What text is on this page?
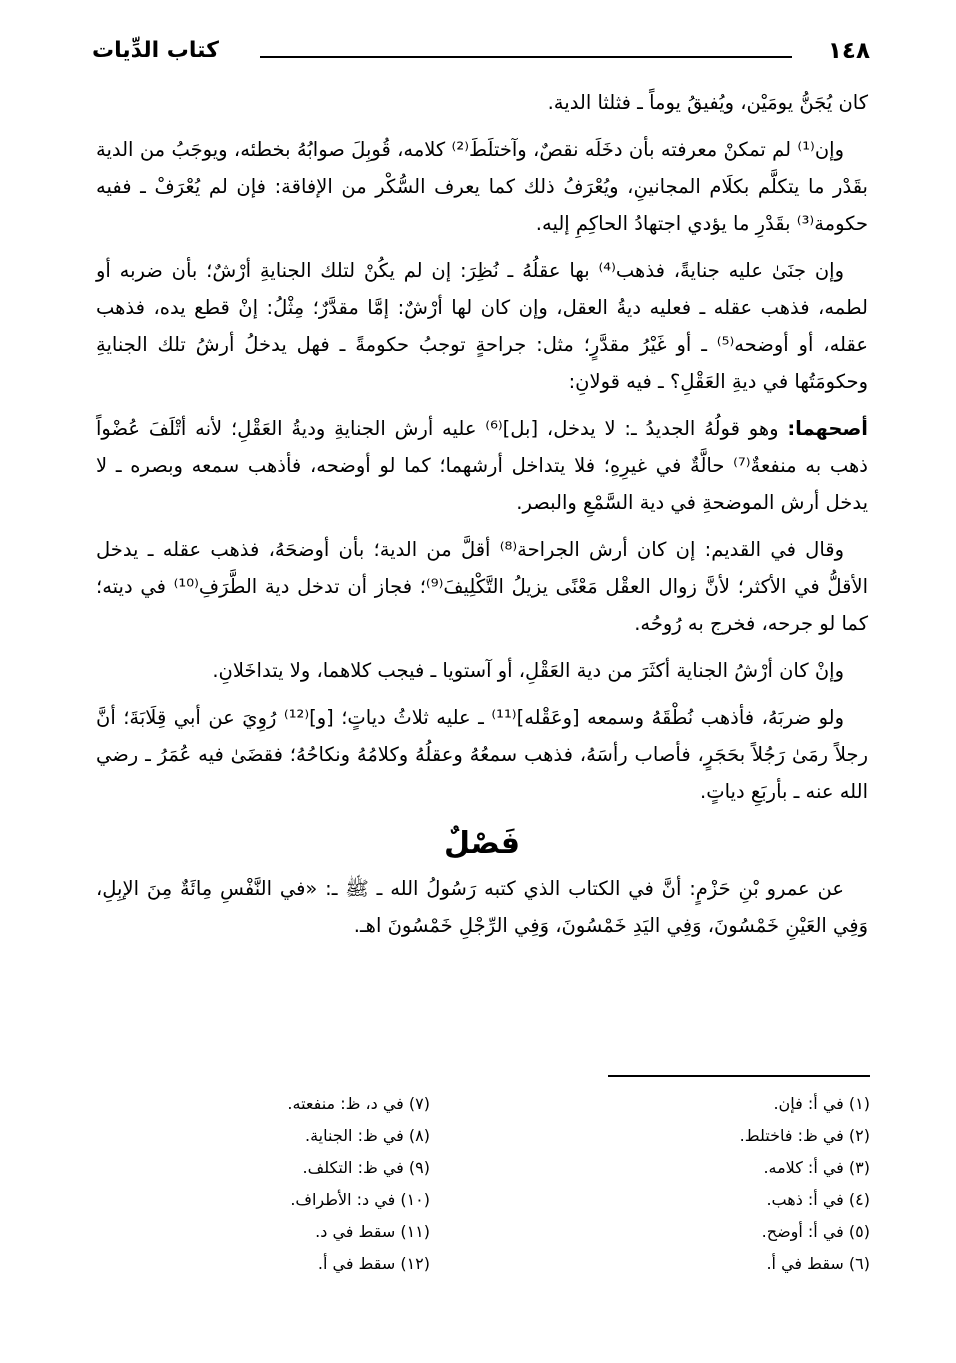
١٤٨
كتاب الدِّيات

كان يُجَنُّ يومَيْن، ويُفيقُ يوماً ـ فثلثا الدية.

وإن⁽¹⁾ لم تمكنْ معرفته بأن دخَلَه نقصٌ، وآختلَطَ⁽²⁾ كلامه، قُوبِلَ صوابُهُ بخطئه، ويوجَبُ من الدية بقَدْر ما يتكلَّم بكلَام المجانينِ، ويُعْرَفُ ذلك كما يعرف السُّكْر من الإفاقة: فإن لم يُعْرَفْ ـ ففيه حكومة⁽³⁾ بقَدْرِ ما يؤدي اجتهادُ الحاكِمِ إليه.

وإن جنَىٰ عليه جنايةً، فذهب⁽⁴⁾ بها عقلُهُ ـ نُظِرَ: إن لم يكُنْ لتلك الجنايةِ أرْشٌ؛ بأن ضربه أو لطمه، فذهب عقله ـ فعليه ديةُ العقل، وإن كان لها أرْشٌ: إمَّا مقدَّرٌ؛ مِثْلُ: إنْ قطع يده، فذهب عقله، أو أوضحه⁽⁵⁾ ـ أو غَيْرُ مقدَّرٍ؛ مثل: جراحةٍ توجبُ حكومةً ـ فهل يدخلُ أرشُ تلك الجنايةِ وحكومَتُها في ديةِ العَقْلِ؟ ـ فيه قولانِ:

أصحهما: وهو قولُهُ الجديدُ ـ: لا يدخل، [بل]⁽⁶⁾ عليه أرش الجنايةِ وديةُ العَقْلِ؛ لأنه أتْلَفَ عُضْواً ذهب به منفعةٌ⁽⁷⁾ حالَّةٌ في غيرِهِ؛ فلا يتداخل أرشهما؛ كما لو أوضحه، فأذهب سمعه وبصره ـ لا يدخل أرش الموضحةِ في دية السَّمْعِ والبصر.

وقال في القديم: إن كان أرش الجراحة⁽⁸⁾ أقلَّ من الدية؛ بأن أوضحَهُ، فذهب عقله ـ يدخل الأقلُّ في الأكثر؛ لأنَّ زوال العقْل مَعْنًى يزيلُ التَّكْلِيفَ⁽⁹⁾؛ فجاز أن تدخل دية الطَّرَفِ⁽¹⁰⁾ في ديته؛ كما لو جرحه، فخرج به رُوحُه.

وإنْ كان أرْشُ الجناية أكثَرَ من دية العَقْلِ، أو آستويا ـ فيجب كلاهما، ولا يتداخَلانِ.

ولو ضربَهُ، فأذهب نُطْقَهُ وسمعه [وعَقْله]⁽¹¹⁾ ـ عليه ثلاثُ دياتٍ؛ [و]⁽¹²⁾ رُوِيَ عن أبي قِلَابَةَ؛ أنَّ رجلاً رمَىٰ رَجُلاً بحَجَرٍ، فأصاب رأسَهُ، فذهب سمعُهُ وعقلُهُ وكلامُهُ ونكاحُهُ؛ فقضَىٰ فيه عُمَرُ ـ رضي الله عنه ـ بأربَعِ دياتٍ.

فَصْلٌ

عن عمرو بْنِ حَزْمٍ: أنَّ في الكتاب الذي كتبه رَسُولُ الله ـ ﷺ ـ: «في النَّفْسِ مِائَةٌ مِنَ الإبِلِ، وَفِي العَيْنِ خَمْسُونَ، وَفِي اليَدِ خَمْسُونَ، وَفِي الرِّجْلِ خَمْسُونَ اهـ.

(١) في أ: فإن.
(٢) في ظ: فاختلط.
(٣) في أ: كلامه.
(٤) في أ: ذهب.
(٥) في أ: أوضح.
(٦) سقط في أ.
(٧) في د، ظ: منفعته.
(٨) في ظ: الجناية.
(٩) في ظ: التكلف.
(١٠) في د: الأطراف.
(١١) سقط في د.
(١٢) سقط في أ.
